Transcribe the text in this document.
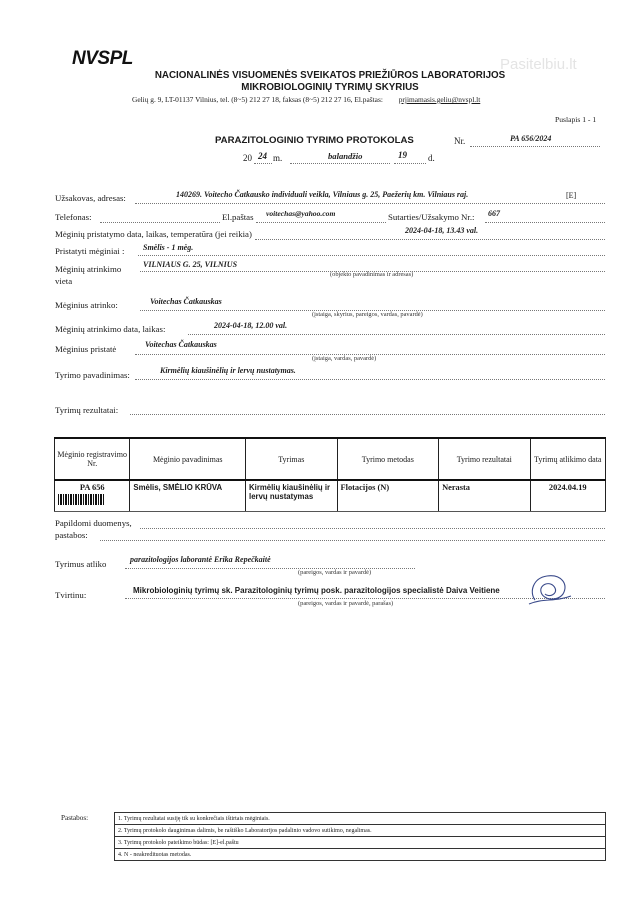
Pasitelbiu.lt
NVSPL
NACIONALINĖS VISUOMENĖS SVEIKATOS PRIEŽIŪROS LABORATORIJOS
MIKROBIOLOGINIŲ TYRIMŲ SKYRIUS
Gelių g. 9, LT-01137 Vilnius, tel. (8~5) 212 27 18, faksas (8~5) 212 27 16, El.paštas: prjimamasis.geliu@nvspl.lt
Puslapis 1 - 1
PARAZITOLOGINIO TYRIMO PROTOKOLAS	Nr.	PA 656/2024
20 24 m.	balandžio	19 d.
Užsakovas, adresas:	140269. Voitecho Čatkausko individuali veikla, Vilniaus g. 25, Paežerių km. Vilniaus raj.	[E]
Telefonas:	El.paštas voitechas@yahoo.com	Sutarties/Užsakymo Nr.: 667
Mėginių pristatymo data, laikas, temperatūra (jei reikia)	2024-04-18, 13.43 val.
Pristatyti mėginiai : Smėlis - 1 mėg.
Mėginių atrinkimo
vieta
VILNIAUS G. 25, VILNIUS
(objekto pavadinimas ir adresas)
Mėginius atrinko:	Voitechas Čatkauskas
(įstaiga, skyrius, pareigos, vardas, pavardė)
Mėginių atrinkimo data, laikas:	2024-04-18, 12.00 val.
Mėginius pristatė	Voitechas Čatkauskas
(įstaiga, vardas, pavardė)
Tyrimo pavadinimas:	Kirmėlių kiaušinėlių ir lervų nustatymas.
Tyrimų rezultatai:
Mėginio registravimo Nr.	Mėginio pavadinimas	Tyrimas	Tyrimo metodas	Tyrimo rezultatai	Tyrimų atlikimo data
PA 656	Smėlis, SMĖLIO KRŪVA	Kirmėlių kiaušinėlių ir lervų nustatymas	Flotacijos (N)	Nerasta	2024.04.19
Papildomi duomenys,
pastabos:
Tyrimus atliko	parazitologijos laborantė Erika Repečkaitė
(pareigos, vardas ir pavardė)
Tvirtinu:	Mikrobiologinių tyrimų sk. Parazitologinių tyrimų posk. parazitologijos specialistė Daiva Veitiene
(pareigos, vardas ir pavardė, parašas)
Pastabos:	1. Tyrimų rezultatai susiję tik su konkrečiais ištirtais mėginiais.
2. Tyrimų protokolo dauginimas dalimis, be raštiško Laboratorijos padalinio vadovo sutikimo, negalimas.
3. Tyrimų protokolo pateikimo būdas: [E]-el.paštu
4. N - neakredituotas metodas.
